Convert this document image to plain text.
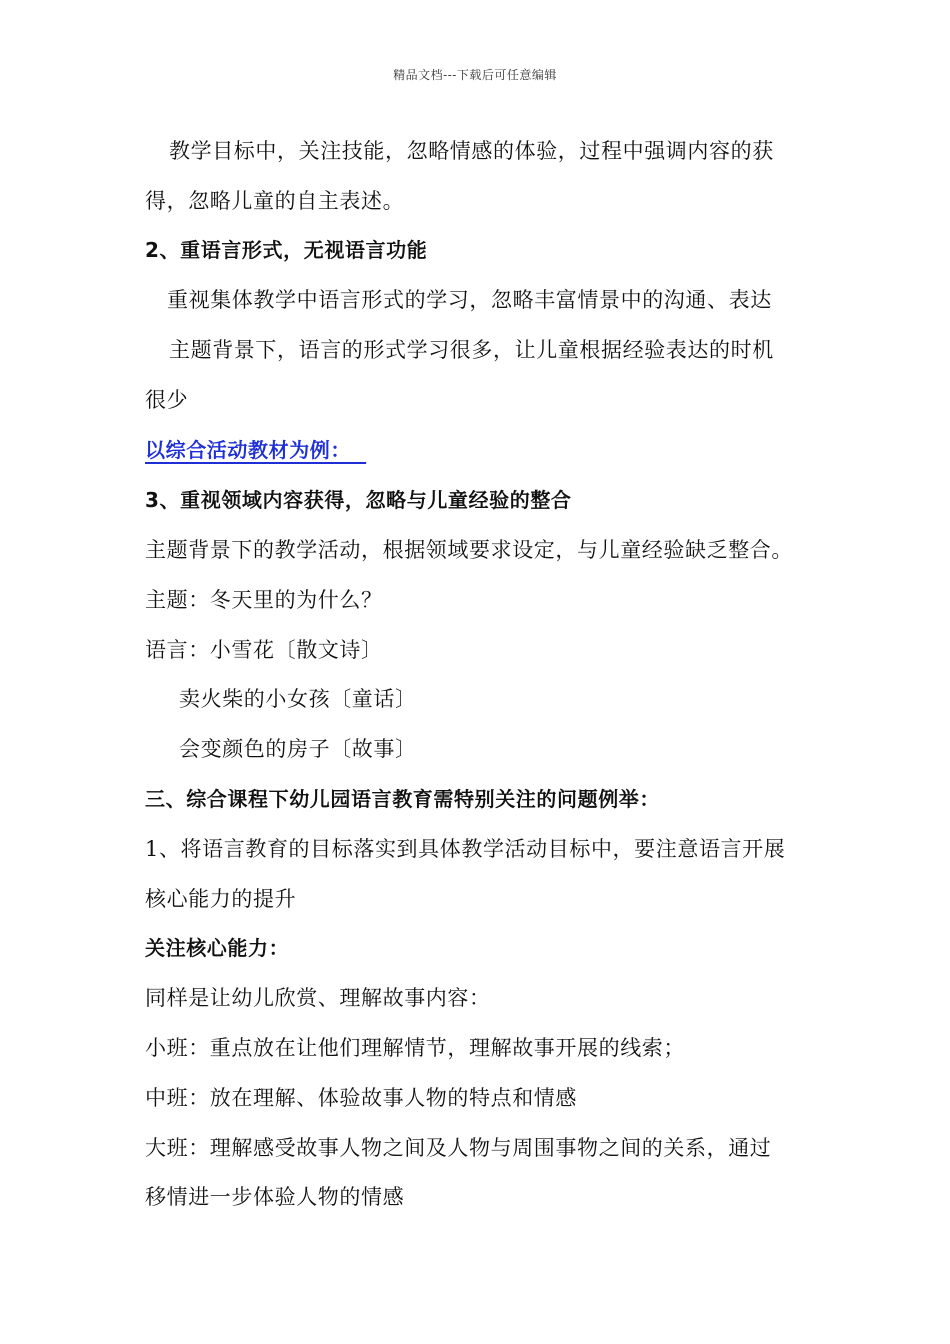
精品文档---下载后可任意编辑
教学目标中，关注技能，忽略情感的体验，过程中强调内容的获
得，忽略儿童的自主表述。
2、重语言形式，无视语言功能
重视集体教学中语言形式的学习，忽略丰富情景中的沟通、表达
主题背景下，语言的形式学习很多，让儿童根据经验表达的时机
很少
以综合活动教材为例：
3、重视领域内容获得，忽略与儿童经验的整合
主题背景下的教学活动，根据领域要求设定，与儿童经验缺乏整合。
主题：冬天里的为什么？
语言：小雪花〔散文诗〕
卖火柴的小女孩〔童话〕
会变颜色的房子〔故事〕
三、综合课程下幼儿园语言教育需特别关注的问题例举：
1、将语言教育的目标落实到具体教学活动目标中，要注意语言开展
核心能力的提升
关注核心能力：
同样是让幼儿欣赏、理解故事内容：
小班：重点放在让他们理解情节，理解故事开展的线索；
中班：放在理解、体验故事人物的特点和情感
大班：理解感受故事人物之间及人物与周围事物之间的关系，通过
移情进一步体验人物的情感
